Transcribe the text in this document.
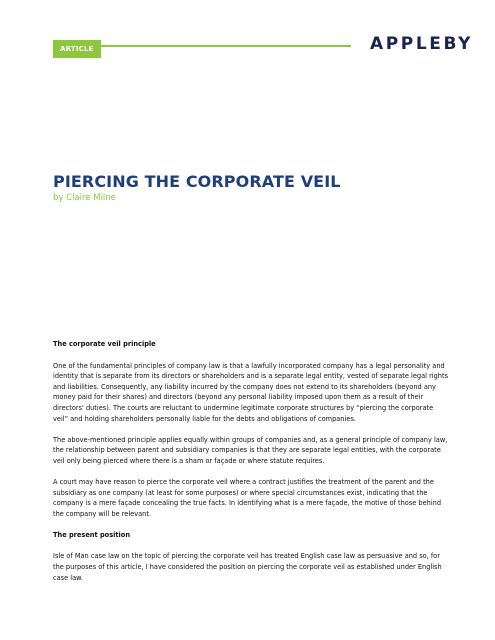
ARTICLE	APPLEBY
PIERCING THE CORPORATE VEIL

by Claire Milne

The corporate veil principle

One of the fundamental principles of company law is that a lawfully incorporated company has a legal personality and identity that is separate from its directors or shareholders and is a separate legal entity, vested of separate legal rights and liabilities. Consequently, any liability incurred by the company does not extend to its shareholders (beyond any money paid for their shares) and directors (beyond any personal liability imposed upon them as a result of their directors' duties). The courts are reluctant to undermine legitimate corporate structures by “piercing the corporate veil” and holding shareholders personally liable for the debts and obligations of companies.

The above-mentioned principle applies equally within groups of companies and, as a general principle of company law, the relationship between parent and subsidiary companies is that they are separate legal entities, with the corporate veil only being pierced where there is a sham or façade or where statute requires.

A court may have reason to pierce the corporate veil where a contract justifies the treatment of the parent and the subsidiary as one company (at least for some purposes) or where special circumstances exist, indicating that the company is a mere façade concealing the true facts. In identifying what is a mere façade, the motive of those behind the company will be relevant.

The present position

Isle of Man case law on the topic of piercing the corporate veil has treated English case law as persuasive and so, for the purposes of this article, I have considered the position on piercing the corporate veil as established under English case law.
